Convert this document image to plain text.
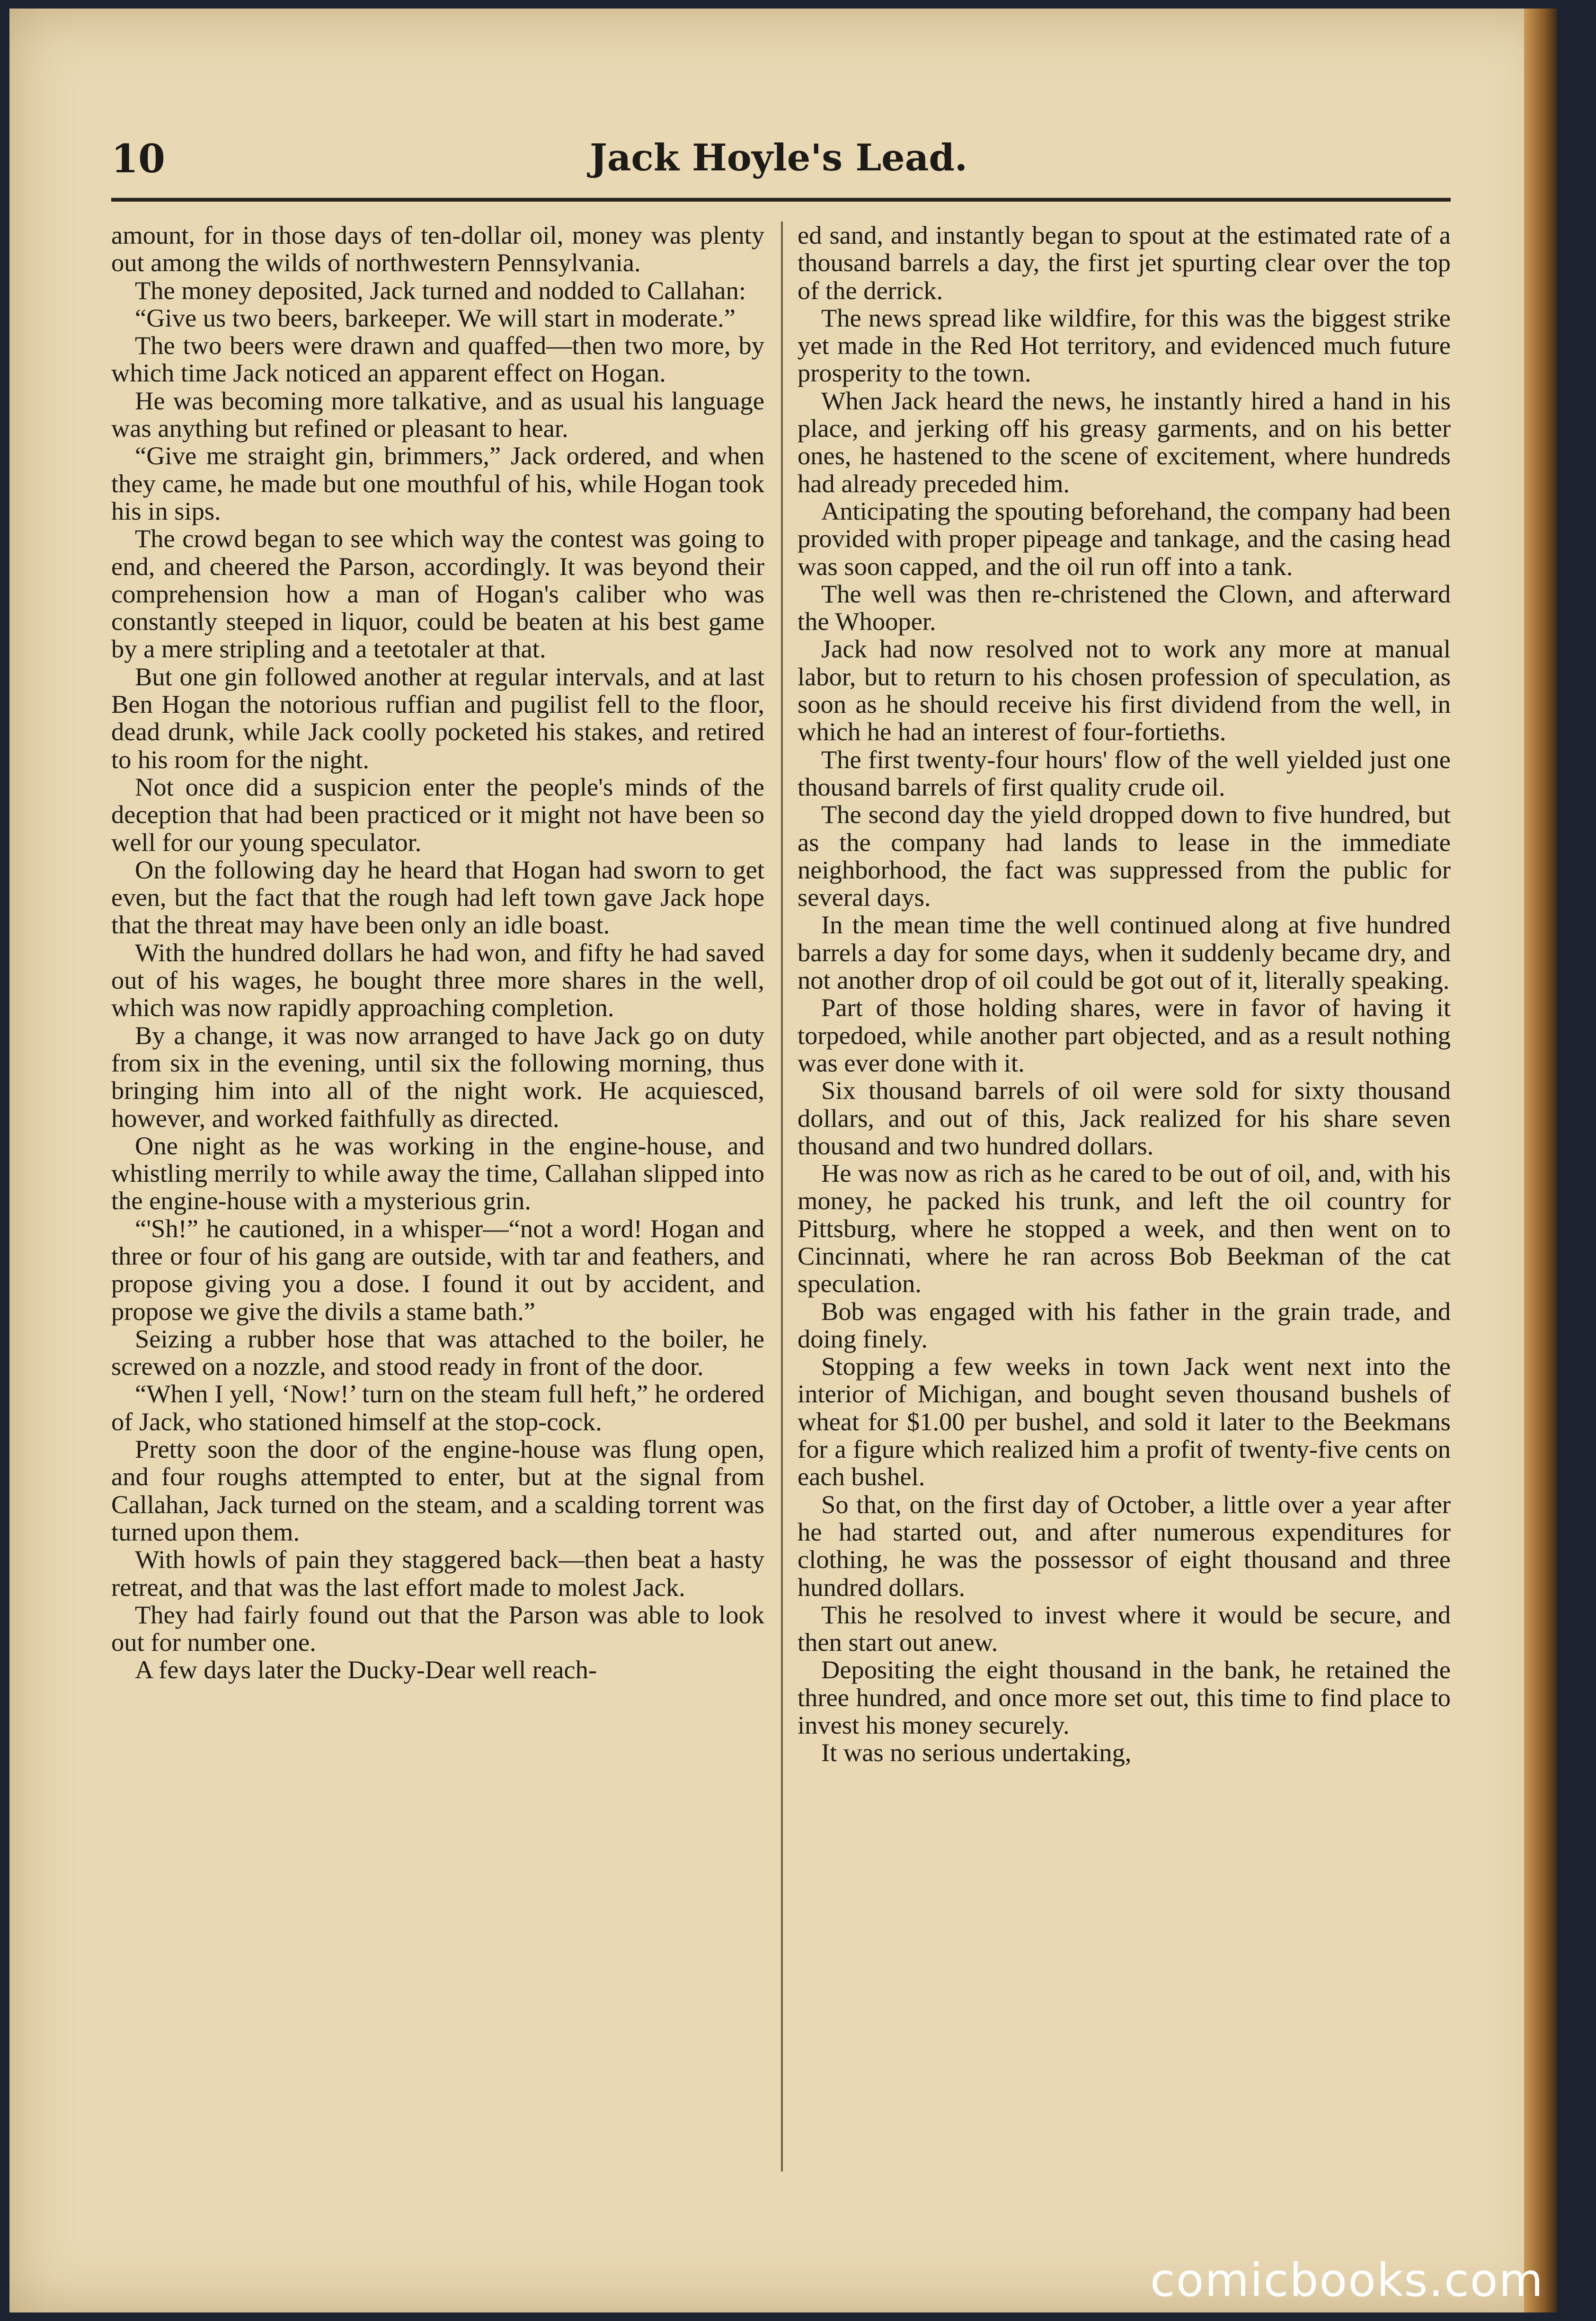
10	Jack Hoyle's Lead.

amount, for in those days of ten-dollar oil, money was plenty out among the wilds of northwestern Pennsylvania.

The money deposited, Jack turned and nodded to Callahan:

“Give us two beers, barkeeper. We will start in moderate.”

The two beers were drawn and quaffed—then two more, by which time Jack noticed an apparent effect on Hogan.

He was becoming more talkative, and as usual his language was anything but refined or pleasant to hear.

“Give me straight gin, brimmers,” Jack ordered, and when they came, he made but one mouthful of his, while Hogan took his in sips.

The crowd began to see which way the contest was going to end, and cheered the Parson, accordingly. It was beyond their comprehension how a man of Hogan's caliber who was constantly steeped in liquor, could be beaten at his best game by a mere stripling and a teetotaler at that.

But one gin followed another at regular intervals, and at last Ben Hogan the notorious ruffian and pugilist fell to the floor, dead drunk, while Jack coolly pocketed his stakes, and retired to his room for the night.

Not once did a suspicion enter the people's minds of the deception that had been practiced or it might not have been so well for our young speculator.

On the following day he heard that Hogan had sworn to get even, but the fact that the rough had left town gave Jack hope that the threat may have been only an idle boast.

With the hundred dollars he had won, and fifty he had saved out of his wages, he bought three more shares in the well, which was now rapidly approaching completion.

By a change, it was now arranged to have Jack go on duty from six in the evening, until six the following morning, thus bringing him into all of the night work. He acquiesced, however, and worked faithfully as directed.

One night as he was working in the engine-house, and whistling merrily to while away the time, Callahan slipped into the engine-house with a mysterious grin.

“'Sh!” he cautioned, in a whisper—“not a word! Hogan and three or four of his gang are outside, with tar and feathers, and propose giving you a dose. I found it out by accident, and propose we give the divils a stame bath.”

Seizing a rubber hose that was attached to the boiler, he screwed on a nozzle, and stood ready in front of the door.

“When I yell, ‘Now!’ turn on the steam full heft,” he ordered of Jack, who stationed himself at the stop-cock.

Pretty soon the door of the engine-house was flung open, and four roughs attempted to enter, but at the signal from Callahan, Jack turned on the steam, and a scalding torrent was turned upon them.

With howls of pain they staggered back—then beat a hasty retreat, and that was the last effort made to molest Jack.

They had fairly found out that the Parson was able to look out for number one.

A few days later the Ducky-Dear well reach-

ed sand, and instantly began to spout at the estimated rate of a thousand barrels a day, the first jet spurting clear over the top of the derrick.

The news spread like wildfire, for this was the biggest strike yet made in the Red Hot territory, and evidenced much future prosperity to the town.

When Jack heard the news, he instantly hired a hand in his place, and jerking off his greasy garments, and on his better ones, he hastened to the scene of excitement, where hundreds had already preceded him.

Anticipating the spouting beforehand, the company had been provided with proper pipeage and tankage, and the casing head was soon capped, and the oil run off into a tank.

The well was then re-christened the Clown, and afterward the Whooper.

Jack had now resolved not to work any more at manual labor, but to return to his chosen profession of speculation, as soon as he should receive his first dividend from the well, in which he had an interest of four-fortieths.

The first twenty-four hours' flow of the well yielded just one thousand barrels of first quality crude oil.

The second day the yield dropped down to five hundred, but as the company had lands to lease in the immediate neighborhood, the fact was suppressed from the public for several days.

In the mean time the well continued along at five hundred barrels a day for some days, when it suddenly became dry, and not another drop of oil could be got out of it, literally speaking.

Part of those holding shares, were in favor of having it torpedoed, while another part objected, and as a result nothing was ever done with it.

Six thousand barrels of oil were sold for sixty thousand dollars, and out of this, Jack realized for his share seven thousand and two hundred dollars.

He was now as rich as he cared to be out of oil, and, with his money, he packed his trunk, and left the oil country for Pittsburg, where he stopped a week, and then went on to Cincinnati, where he ran across Bob Beekman of the cat speculation.

Bob was engaged with his father in the grain trade, and doing finely.

Stopping a few weeks in town Jack went next into the interior of Michigan, and bought seven thousand bushels of wheat for $1.00 per bushel, and sold it later to the Beekmans for a figure which realized him a profit of twenty-five cents on each bushel.

So that, on the first day of October, a little over a year after he had started out, and after numerous expenditures for clothing, he was the possessor of eight thousand and three hundred dollars.

This he resolved to invest where it would be secure, and then start out anew.

Depositing the eight thousand in the bank, he retained the three hundred, and once more set out, this time to find place to invest his money securely.

It was no serious undertaking,

comicbooks.com
